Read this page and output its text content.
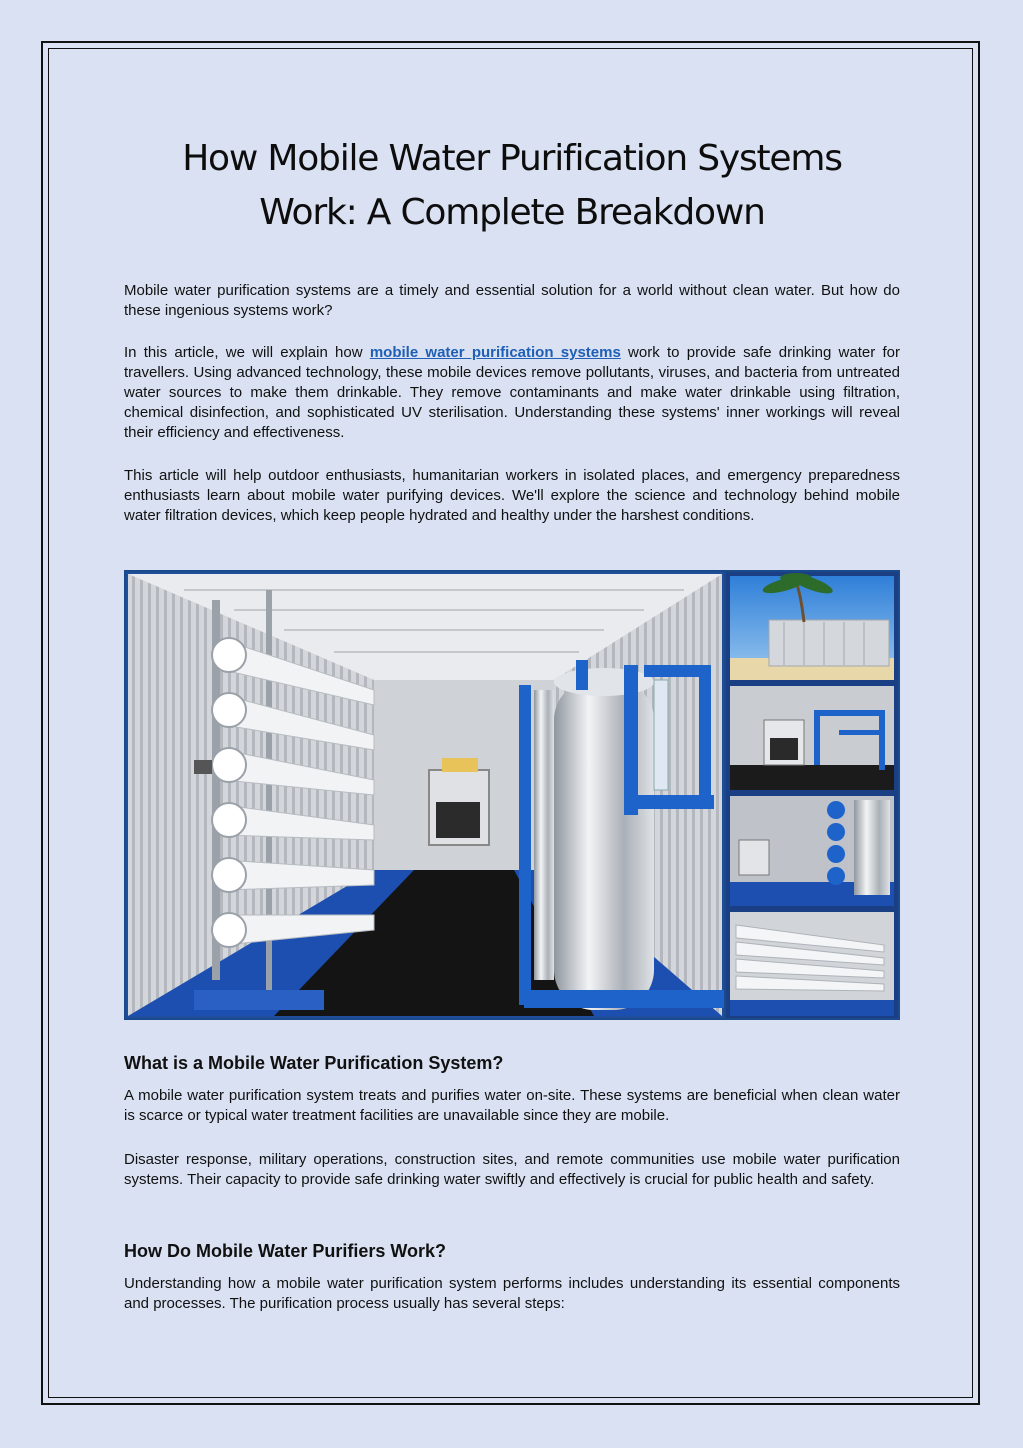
How Mobile Water Purification Systems
Work: A Complete Breakdown

Mobile water purification systems are a timely and essential solution for a world without clean water. But how do these ingenious systems work?

In this article, we will explain how mobile water purification systems work to provide safe drinking water for travellers. Using advanced technology, these mobile devices remove pollutants, viruses, and bacteria from untreated water sources to make them drinkable. They remove contaminants and make water drinkable using filtration, chemical disinfection, and sophisticated UV sterilisation. Understanding these systems' inner workings will reveal their efficiency and effectiveness.

This article will help outdoor enthusiasts, humanitarian workers in isolated places, and emergency preparedness enthusiasts learn about mobile water purifying devices. We'll explore the science and technology behind mobile water filtration devices, which keep people hydrated and healthy under the harshest conditions.

What is a Mobile Water Purification System?

A mobile water purification system treats and purifies water on-site. These systems are beneficial when clean water is scarce or typical water treatment facilities are unavailable since they are mobile.

Disaster response, military operations, construction sites, and remote communities use mobile water purification systems. Their capacity to provide safe drinking water swiftly and effectively is crucial for public health and safety.

How Do Mobile Water Purifiers Work?

Understanding how a mobile water purification system performs includes understanding its essential components and processes. The purification process usually has several steps:
